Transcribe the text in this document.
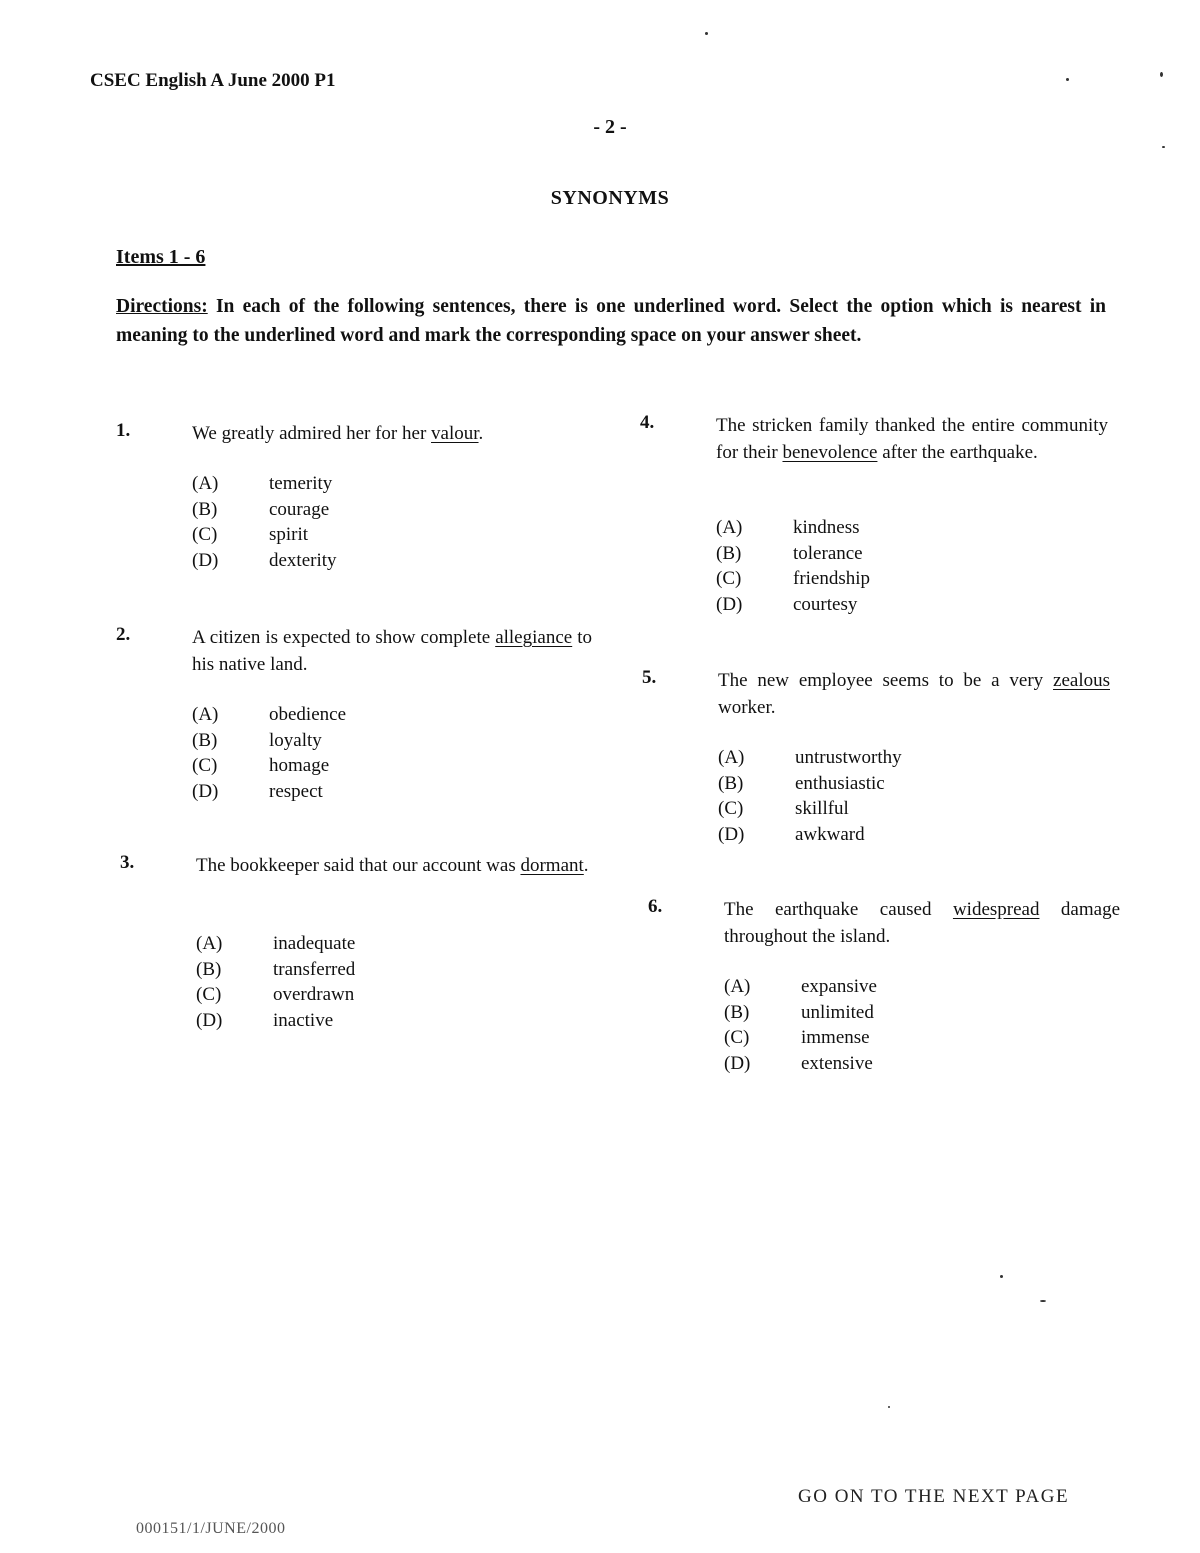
CSEC English A June 2000 P1
- 2 -
SYNONYMS
Items 1 - 6
Directions: In each of the following sentences, there is one underlined word. Select the option which is nearest in meaning to the underlined word and mark the corresponding space on your answer sheet.
1.	We greatly admired her for her valour.
(A)	temerity
(B)	courage
(C)	spirit
(D)	dexterity
2.	A citizen is expected to show complete allegiance to his native land.
(A)	obedience
(B)	loyalty
(C)	homage
(D)	respect
3.	The bookkeeper said that our account was dormant.
(A)	inadequate
(B)	transferred
(C)	overdrawn
(D)	inactive
4.	The stricken family thanked the entire community for their benevolence after the earthquake.
(A)	kindness
(B)	tolerance
(C)	friendship
(D)	courtesy
5.	The new employee seems to be a very zealous worker.
(A)	untrustworthy
(B)	enthusiastic
(C)	skillful
(D)	awkward
6.	The earthquake caused widespread damage throughout the island.
(A)	expansive
(B)	unlimited
(C)	immense
(D)	extensive
GO ON TO THE NEXT PAGE
000151/1/JUNE/2000
